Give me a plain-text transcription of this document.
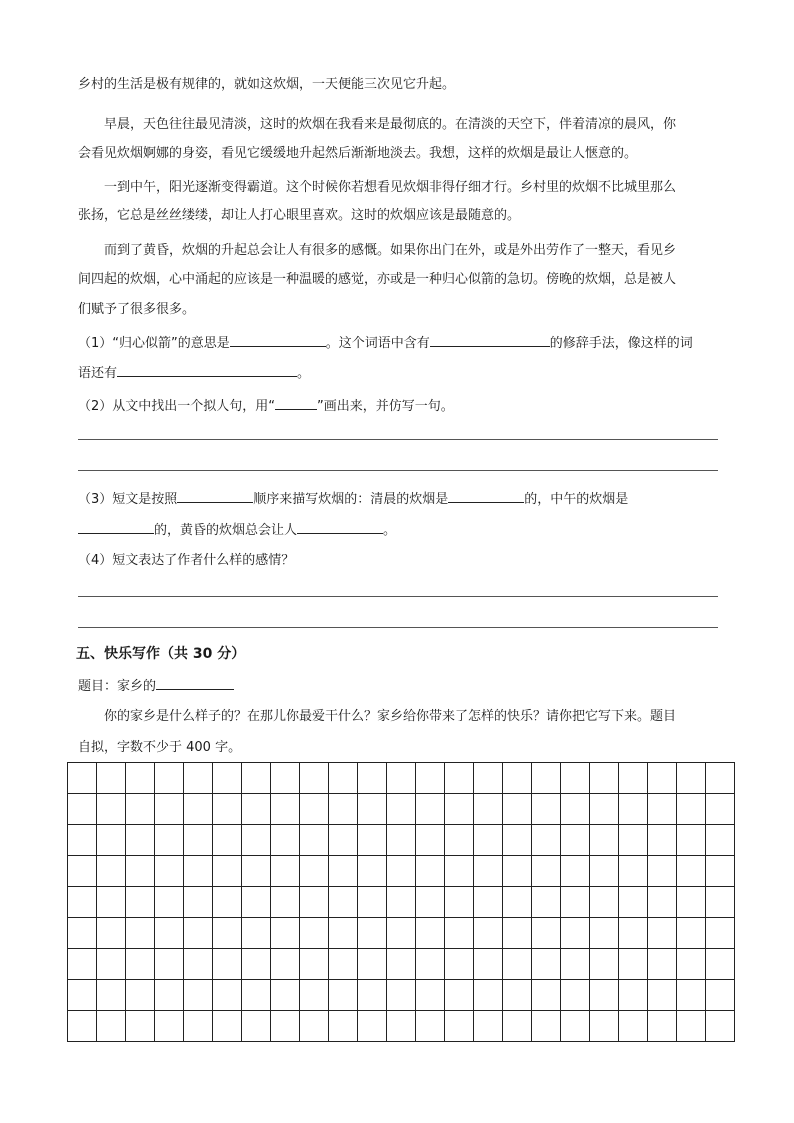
乡村的生活是极有规律的，就如这炊烟，一天便能三次见它升起。
早晨，天色往往最见清淡，这时的炊烟在我看来是最彻底的。在清淡的天空下，伴着清凉的晨风，你
会看见炊烟婀娜的身姿，看见它缓缓地升起然后渐渐地淡去。我想，这样的炊烟是最让人惬意的。
一到中午，阳光逐渐变得霸道。这个时候你若想看见炊烟非得仔细才行。乡村里的炊烟不比城里那么
张扬，它总是丝丝缕缕，却让人打心眼里喜欢。这时的炊烟应该是最随意的。
而到了黄昏，炊烟的升起总会让人有很多的感慨。如果你出门在外，或是外出劳作了一整天，看见乡
间四起的炊烟，心中涌起的应该是一种温暖的感觉，亦或是一种归心似箭的急切。傍晚的炊烟，总是被人
们赋予了很多很多。
（1）“归心似箭”的意思是	。这个词语中含有	的修辞手法，像这样的词
语还有	。
（2）从文中找出一个拟人句，用“	”画出来，并仿写一句。
（3）短文是按照	顺序来描写炊烟的：清晨的炊烟是	的，中午的炊烟是
的，黄昏的炊烟总会让人	。
（4）短文表达了作者什么样的感情？
五、快乐写作（共 30 分）
题目：家乡的
你的家乡是什么样子的？在那儿你最爱干什么？家乡给你带来了怎样的快乐？请你把它写下来。题目
自拟，字数不少于 400 字。
